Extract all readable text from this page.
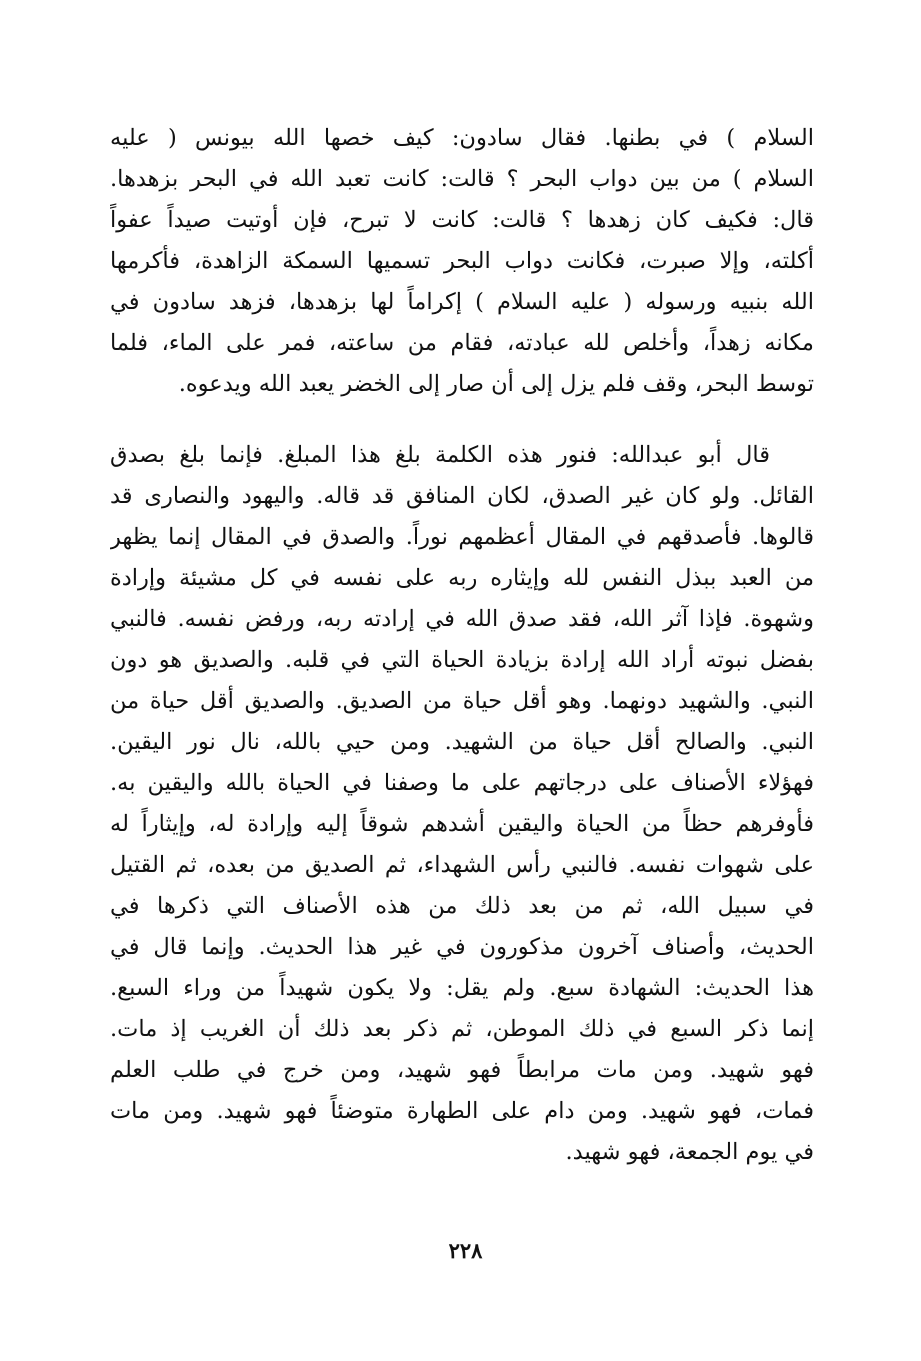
السلام ) في بطنها. فقال سادون: كيف خصها الله بيونس ( عليه
السلام ) من بين دواب البحر ؟ قالت: كانت تعبد الله في البحر بزهدها.
قال: فكيف كان زهدها ؟ قالت: كانت لا تبرح، فإن أوتيت صيداً عفواً
أكلته، وإلا صبرت، فكانت دواب البحر تسميها السمكة الزاهدة، فأكرمها
الله بنبيه ورسوله ( عليه السلام ) إكراماً لها بزهدها، فزهد سادون في
مكانه زهداً، وأخلص لله عبادته، فقام من ساعته، فمر على الماء، فلما
توسط البحر، وقف فلم يزل إلى أن صار إلى الخضر يعبد الله ويدعوه.
قال أبو عبدالله: فنور هذه الكلمة بلغ هذا المبلغ. فإنما بلغ بصدق
القائل. ولو كان غير الصدق، لكان المنافق قد قاله. واليهود والنصارى قد
قالوها. فأصدقهم في المقال أعظمهم نوراً. والصدق في المقال إنما يظهر
من العبد ببذل النفس لله وإيثاره ربه على نفسه في كل مشيئة وإرادة
وشهوة. فإذا آثر الله، فقد صدق الله في إرادته ربه، ورفض نفسه. فالنبي
بفضل نبوته أراد الله إرادة بزيادة الحياة التي في قلبه. والصديق هو دون
النبي. والشهيد دونهما. وهو أقل حياة من الصديق. والصديق أقل حياة من
النبي. والصالح أقل حياة من الشهيد. ومن حيي بالله، نال نور اليقين.
فهؤلاء الأصناف على درجاتهم على ما وصفنا في الحياة بالله واليقين به.
فأوفرهم حظاً من الحياة واليقين أشدهم شوقاً إليه وإرادة له، وإيثاراً له
على شهوات نفسه. فالنبي رأس الشهداء، ثم الصديق من بعده، ثم القتيل
في سبيل الله، ثم من بعد ذلك من هذه الأصناف التي ذكرها في
الحديث، وأصناف آخرون مذكورون في غير هذا الحديث. وإنما قال في
هذا الحديث: الشهادة سبع. ولم يقل: ولا يكون شهيداً من وراء السبع.
إنما ذكر السبع في ذلك الموطن، ثم ذكر بعد ذلك أن الغريب إذ مات.
فهو شهيد. ومن مات مرابطاً فهو شهيد، ومن خرج في طلب العلم
فمات، فهو شهيد. ومن دام على الطهارة متوضئاً فهو شهيد. ومن مات
في يوم الجمعة، فهو شهيد.
٢٢٨
